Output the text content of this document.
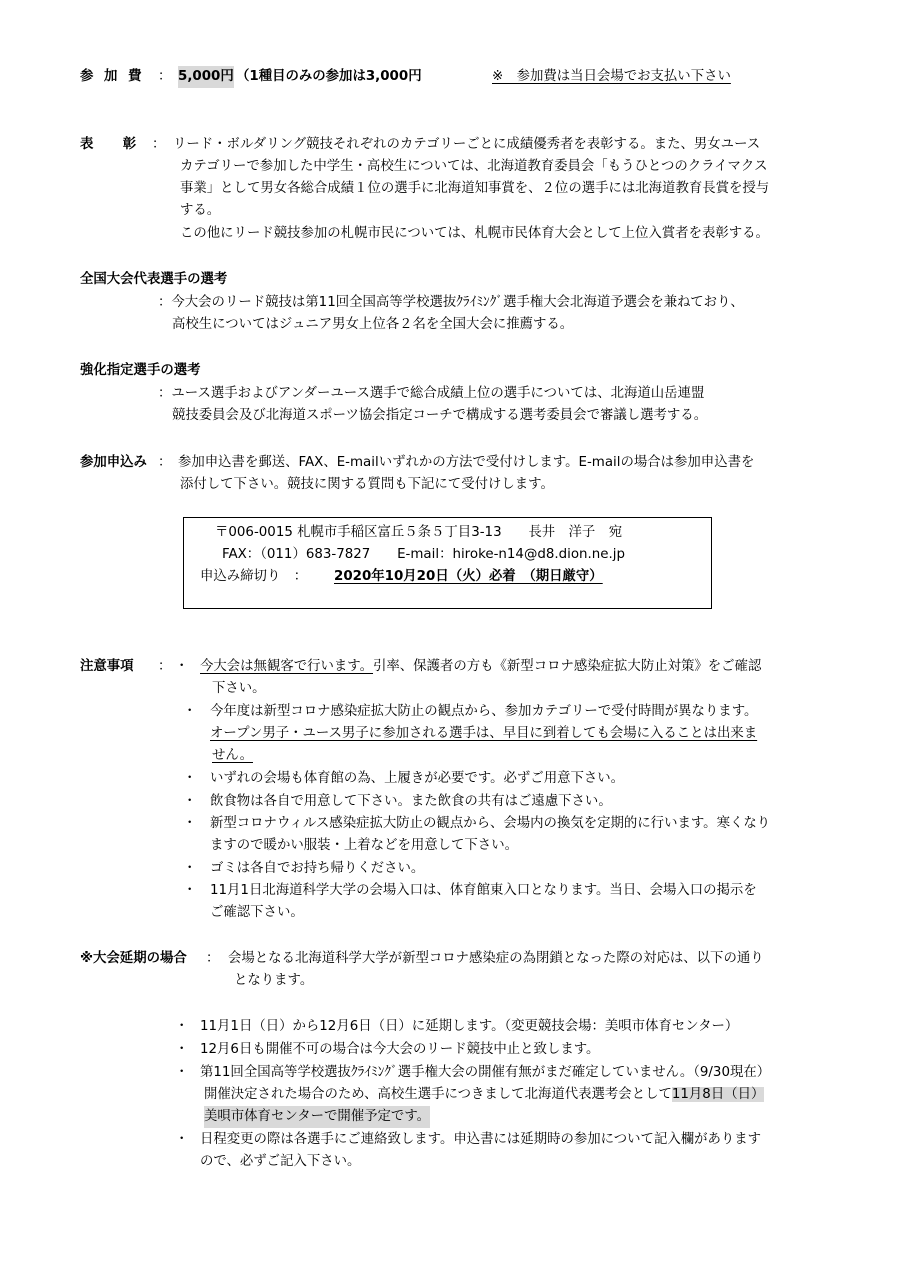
参 加 費 ： 5,000円 （1種目のみの参加は3,000円	※　参加費は当日会場でお支払い下さい
表　彰 ： リード・ボルダリング競技それぞれのカテゴリーごとに成績優秀者を表彰する。また、男女ユース
カテゴリーで参加した中学生・高校生については、北海道教育委員会「もうひとつのクライマクス
事業」として男女各総合成績１位の選手に北海道知事賞を、２位の選手には北海道教育長賞を授与
する。
この他にリード競技参加の札幌市民については、札幌市民体育大会として上位入賞者を表彰する。
全国大会代表選手の選考
：今大会のリード競技は第11回全国高等学校選抜ｸﾗｲﾐﾝｸﾞ選手権大会北海道予選会を兼ねており、
高校生についてはジュニア男女上位各２名を全国大会に推薦する。
強化指定選手の選考
：ユース選手およびアンダーユース選手で総合成績上位の選手については、北海道山岳連盟
競技委員会及び北海道スポーツ協会指定コーチで構成する選考委員会で審議し選考する。
参加申込み ： 参加申込書を郵送、FAX、E-mailいずれかの方法で受付けします。E-mailの場合は参加申込書を
添付して下さい。競技に関する質問も下記にて受付けします。
〒006-0015 札幌市手稲区富丘５条５丁目3-13　　長井　洋子　宛
FAX：（011）683-7827　　E-mail：hiroke-n14@d8.dion.ne.jp
申込み締切り　： 2020年10月20日（火）必着　（期日厳守）
注意事項 ： ・ 今大会は無観客で行います。引率、保護者の方も《新型コロナ感染症拡大防止対策》をご確認
下さい。
・ 今年度は新型コロナ感染症拡大防止の観点から、参加カテゴリーで受付時間が異なります。
オープン男子・ユース男子に参加される選手は、早目に到着しても会場に入ることは出来ま
せん。
・ いずれの会場も体育館の為、上履きが必要です。必ずご用意下さい。
・ 飲食物は各自で用意して下さい。また飲食の共有はご遠慮下さい。
・ 新型コロナウィルス感染症拡大防止の観点から、会場内の換気を定期的に行います。寒くなり
ますので暖かい服装・上着などを用意して下さい。
・ ゴミは各自でお持ち帰りください。
・ 11月1日北海道科学大学の会場入口は、体育館東入口となります。当日、会場入口の掲示を
ご確認下さい。
※大会延期の場合 ： 会場となる北海道科学大学が新型コロナ感染症の為閉鎖となった際の対応は、以下の通り
となります。
・ 11月1日（日）から12月6日（日）に延期します。（変更競技会場：美唄市体育センター）
・ 12月6日も開催不可の場合は今大会のリード競技中止と致します。
・ 第11回全国高等学校選抜ｸﾗｲﾐﾝｸﾞ選手権大会の開催有無がまだ確定していません。（9/30現在）
開催決定された場合のため、高校生選手につきまして北海道代表選考会として11月8日（日）
美唄市体育センターで開催予定です。
・ 日程変更の際は各選手にご連絡致します。申込書には延期時の参加について記入欄があります
ので、必ずご記入下さい。
